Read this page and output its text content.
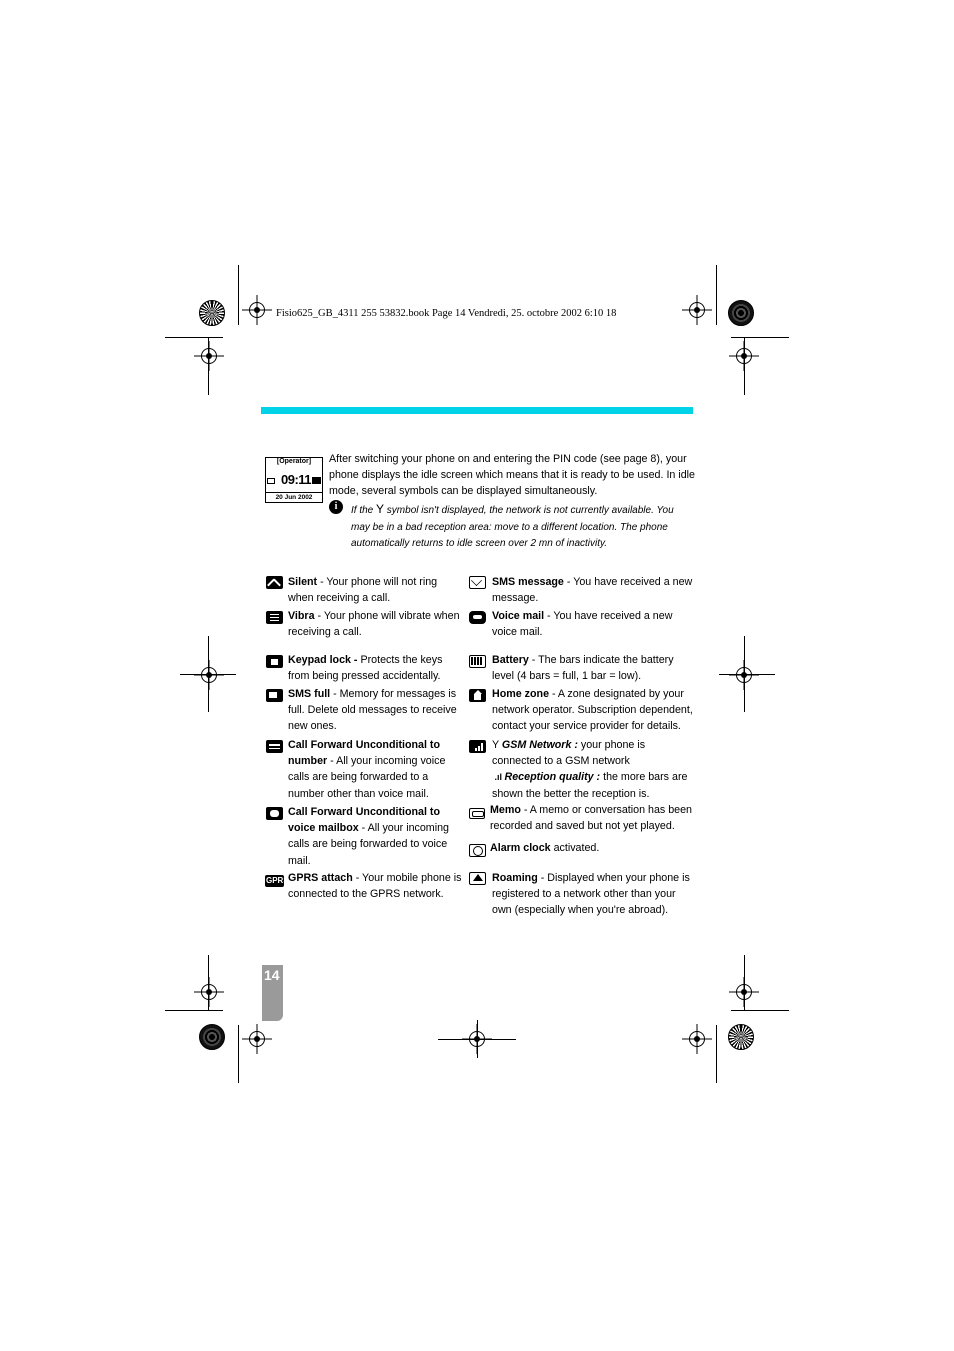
Fisio625_GB_4311 255 53832.book Page 14 Vendredi, 25. octobre 2002 6:10 18
[Operator]
09:11
20 Jun 2002
After switching your phone on and entering the PIN code (see page 8), your phone displays the idle screen which means that it is ready to be used. In idle mode, several symbols can be displayed simultaneously.
i	If the Y symbol isn't displayed, the network is not currently available. You may be in a bad reception area: move to a different location. The phone automatically returns to idle screen over 2 mn of inactivity.
Silent - Your phone will not ring when receiving a call.
Vibra - Your phone will vibrate when receiving a call.
Keypad lock - Protects the keys from being pressed accidentally.
SMS full - Memory for messages is full. Delete old messages to receive new ones.
Call Forward Unconditional to number - All your incoming voice calls are being forwarded to a number other than voice mail.
Call Forward Unconditional to voice mailbox - All your incoming calls are being forwarded to voice mail.
GPRS GPRS attach - Your mobile phone is connected to the GPRS network.
SMS message - You have received a new message.
Voice mail - You have received a new voice mail.
Battery - The bars indicate the battery level (4 bars = full, 1 bar = low).
Home zone - A zone designated by your network operator. Subscription dependent, contact your service provider for details.
Y GSM Network : your phone is connected to a GSM network
.ıl Reception quality : the more bars are shown the better the reception is.
Memo - A memo or conversation has been recorded and saved but not yet played.
Alarm clock activated.
Roaming - Displayed when your phone is registered to a network other than your own (especially when you're abroad).
14
